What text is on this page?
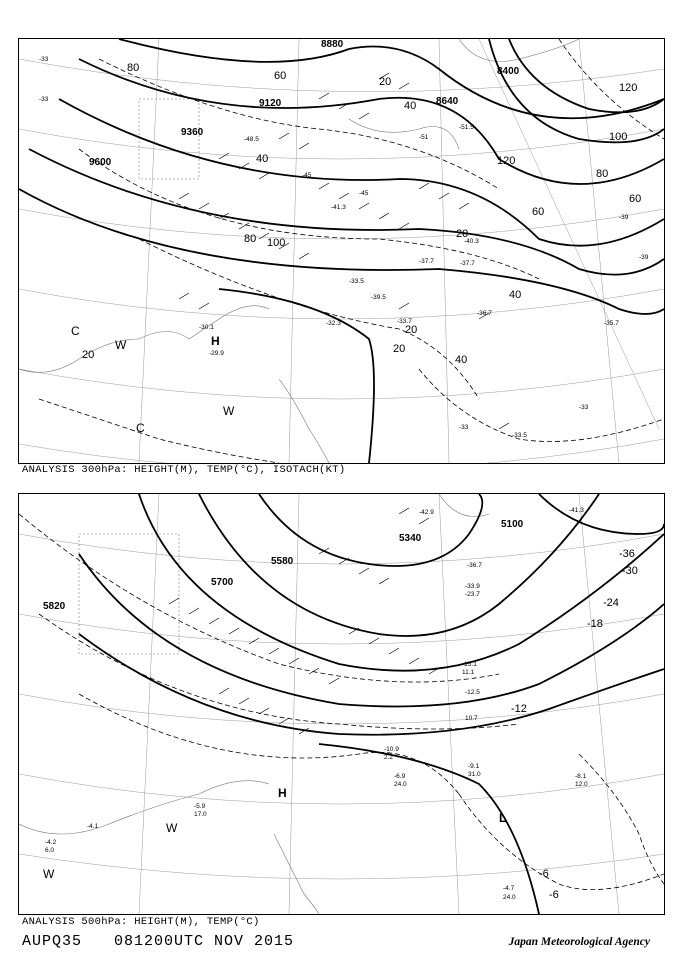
8880
9120
9360
9600
8400
8640
80
60
40
20
120
100
80
60
40
20
40
40
20
20
20
60
80 100
120
C
W	H
W
C
-33
-33
-29.9
-30.1
-32.3
-33.5
-33.7
-36.7
-35.7
-37.7
-33.5
-33
-33
-39
-39
-51
-41.3
-45
-45
-48.5
-51.5
-37.7
-40.3
-39.5
ANALYSIS 300hPa: HEIGHT(M), TEMP(°C), ISOTACH(KT)
5580
5340
5100
5820
5700
-36
-30
-24
-18
-12
-6
-6
H
W
W
L
-9.1
31.0	-8.1
12.0
-6.9
24.0
-4.7
24.0
-10.9
2.2
-12.5
10.7
-15.1
11.1
-23.7
-33.9
-36.7
-42.9	-41.3
-4.1
-4.2
6.0
-5.9
17.0
ANALYSIS 500hPa: HEIGHT(M), TEMP(°C)
AUPQ35 081200UTC NOV 2015	Japan Meteorological Agency
